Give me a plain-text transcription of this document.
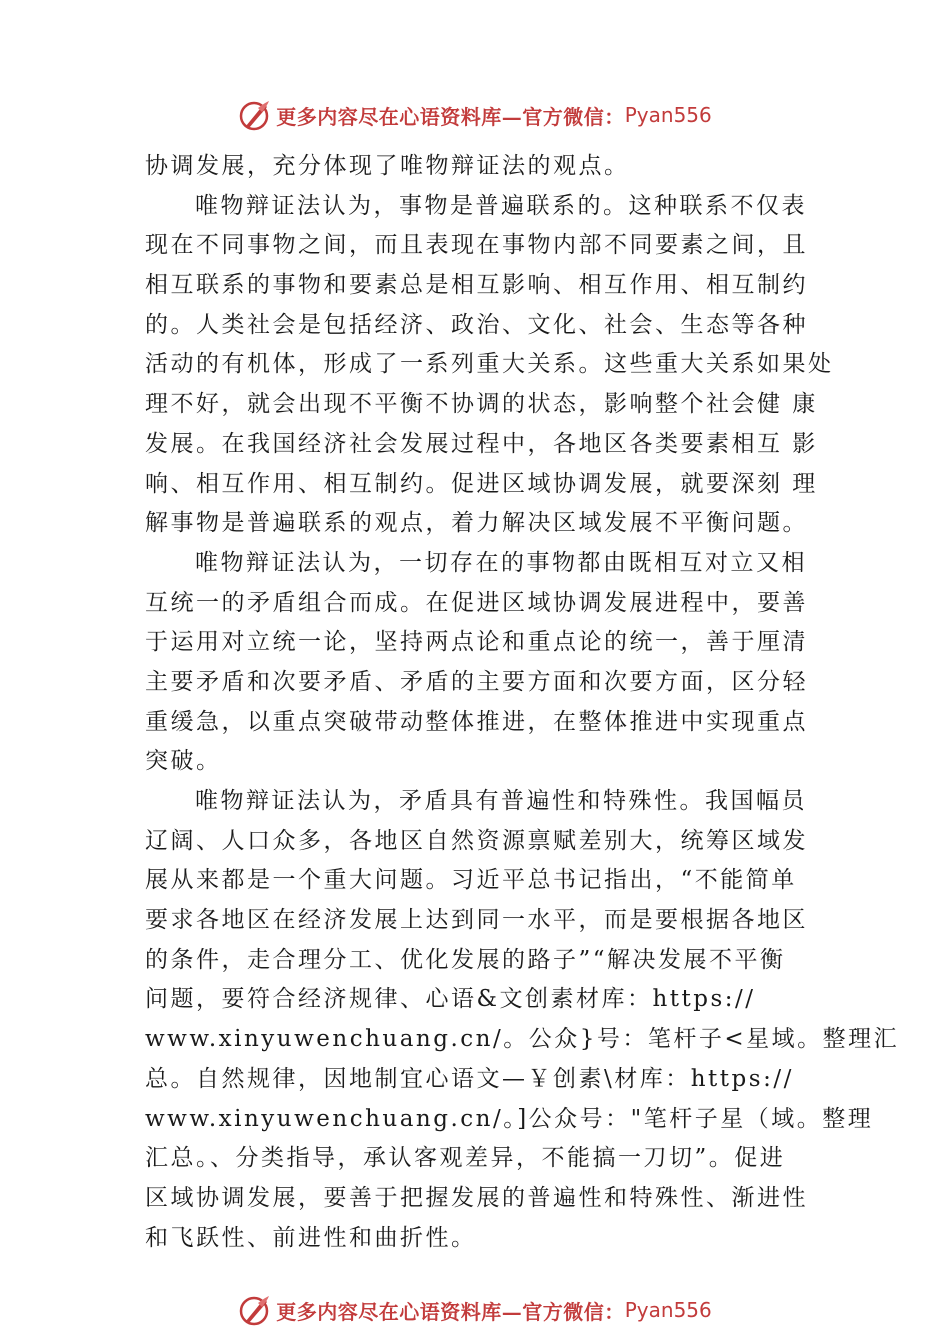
更多内容尽在心语资料库—官方微信： Pyan556
协调发展，充分体现了唯物辩证法的观点。
唯物辩证法认为，事物是普遍联系的。这种联系不仅表
现在不同事物之间，而且表现在事物内部不同要素之间，且
相互联系的事物和要素总是相互影响、相互作用、相互制约
的。人类社会是包括经济、政治、文化、社会、生态等各种
活动的有机体，形成了一系列重大关系。这些重大关系如果处
理不好，就会出现不平衡不协调的状态，影响整个社会健 康
发展。在我国经济社会发展过程中，各地区各类要素相互 影
响、相互作用、相互制约。促进区域协调发展，就要深刻 理
解事物是普遍联系的观点，着力解决区域发展不平衡问题。
唯物辩证法认为，一切存在的事物都由既相互对立又相
互统一的矛盾组合而成。在促进区域协调发展进程中，要善
于运用对立统一论，坚持两点论和重点论的统一，善于厘清
主要矛盾和次要矛盾、矛盾的主要方面和次要方面，区分轻
重缓急，以重点突破带动整体推进，在整体推进中实现重点
突破。
唯物辩证法认为，矛盾具有普遍性和特殊性。我国幅员
辽阔、人口众多，各地区自然资源禀赋差别大，统筹区域发
展从来都是一个重大问题。习近平总书记指出，“不能简单
要求各地区在经济发展上达到同一水平，而是要根据各地区
的条件，走合理分工、优化发展的路子”“解决发展不平衡
问题，要符合经济规律、心语&文创素材库：https://
www.xinyuwenchuang.cn/。公众}号：笔杆子<星域。整理汇
总。自然规律，因地制宜心语文—￥创素\材库：https://
www.xinyuwenchuang.cn/。]公众号："笔杆子星（域。整理
汇总。、分类指导，承认客观差异，不能搞一刀切”。促进
区域协调发展，要善于把握发展的普遍性和特殊性、渐进性
和飞跃性、前进性和曲折性。
更多内容尽在心语资料库—官方微信： Pyan556
